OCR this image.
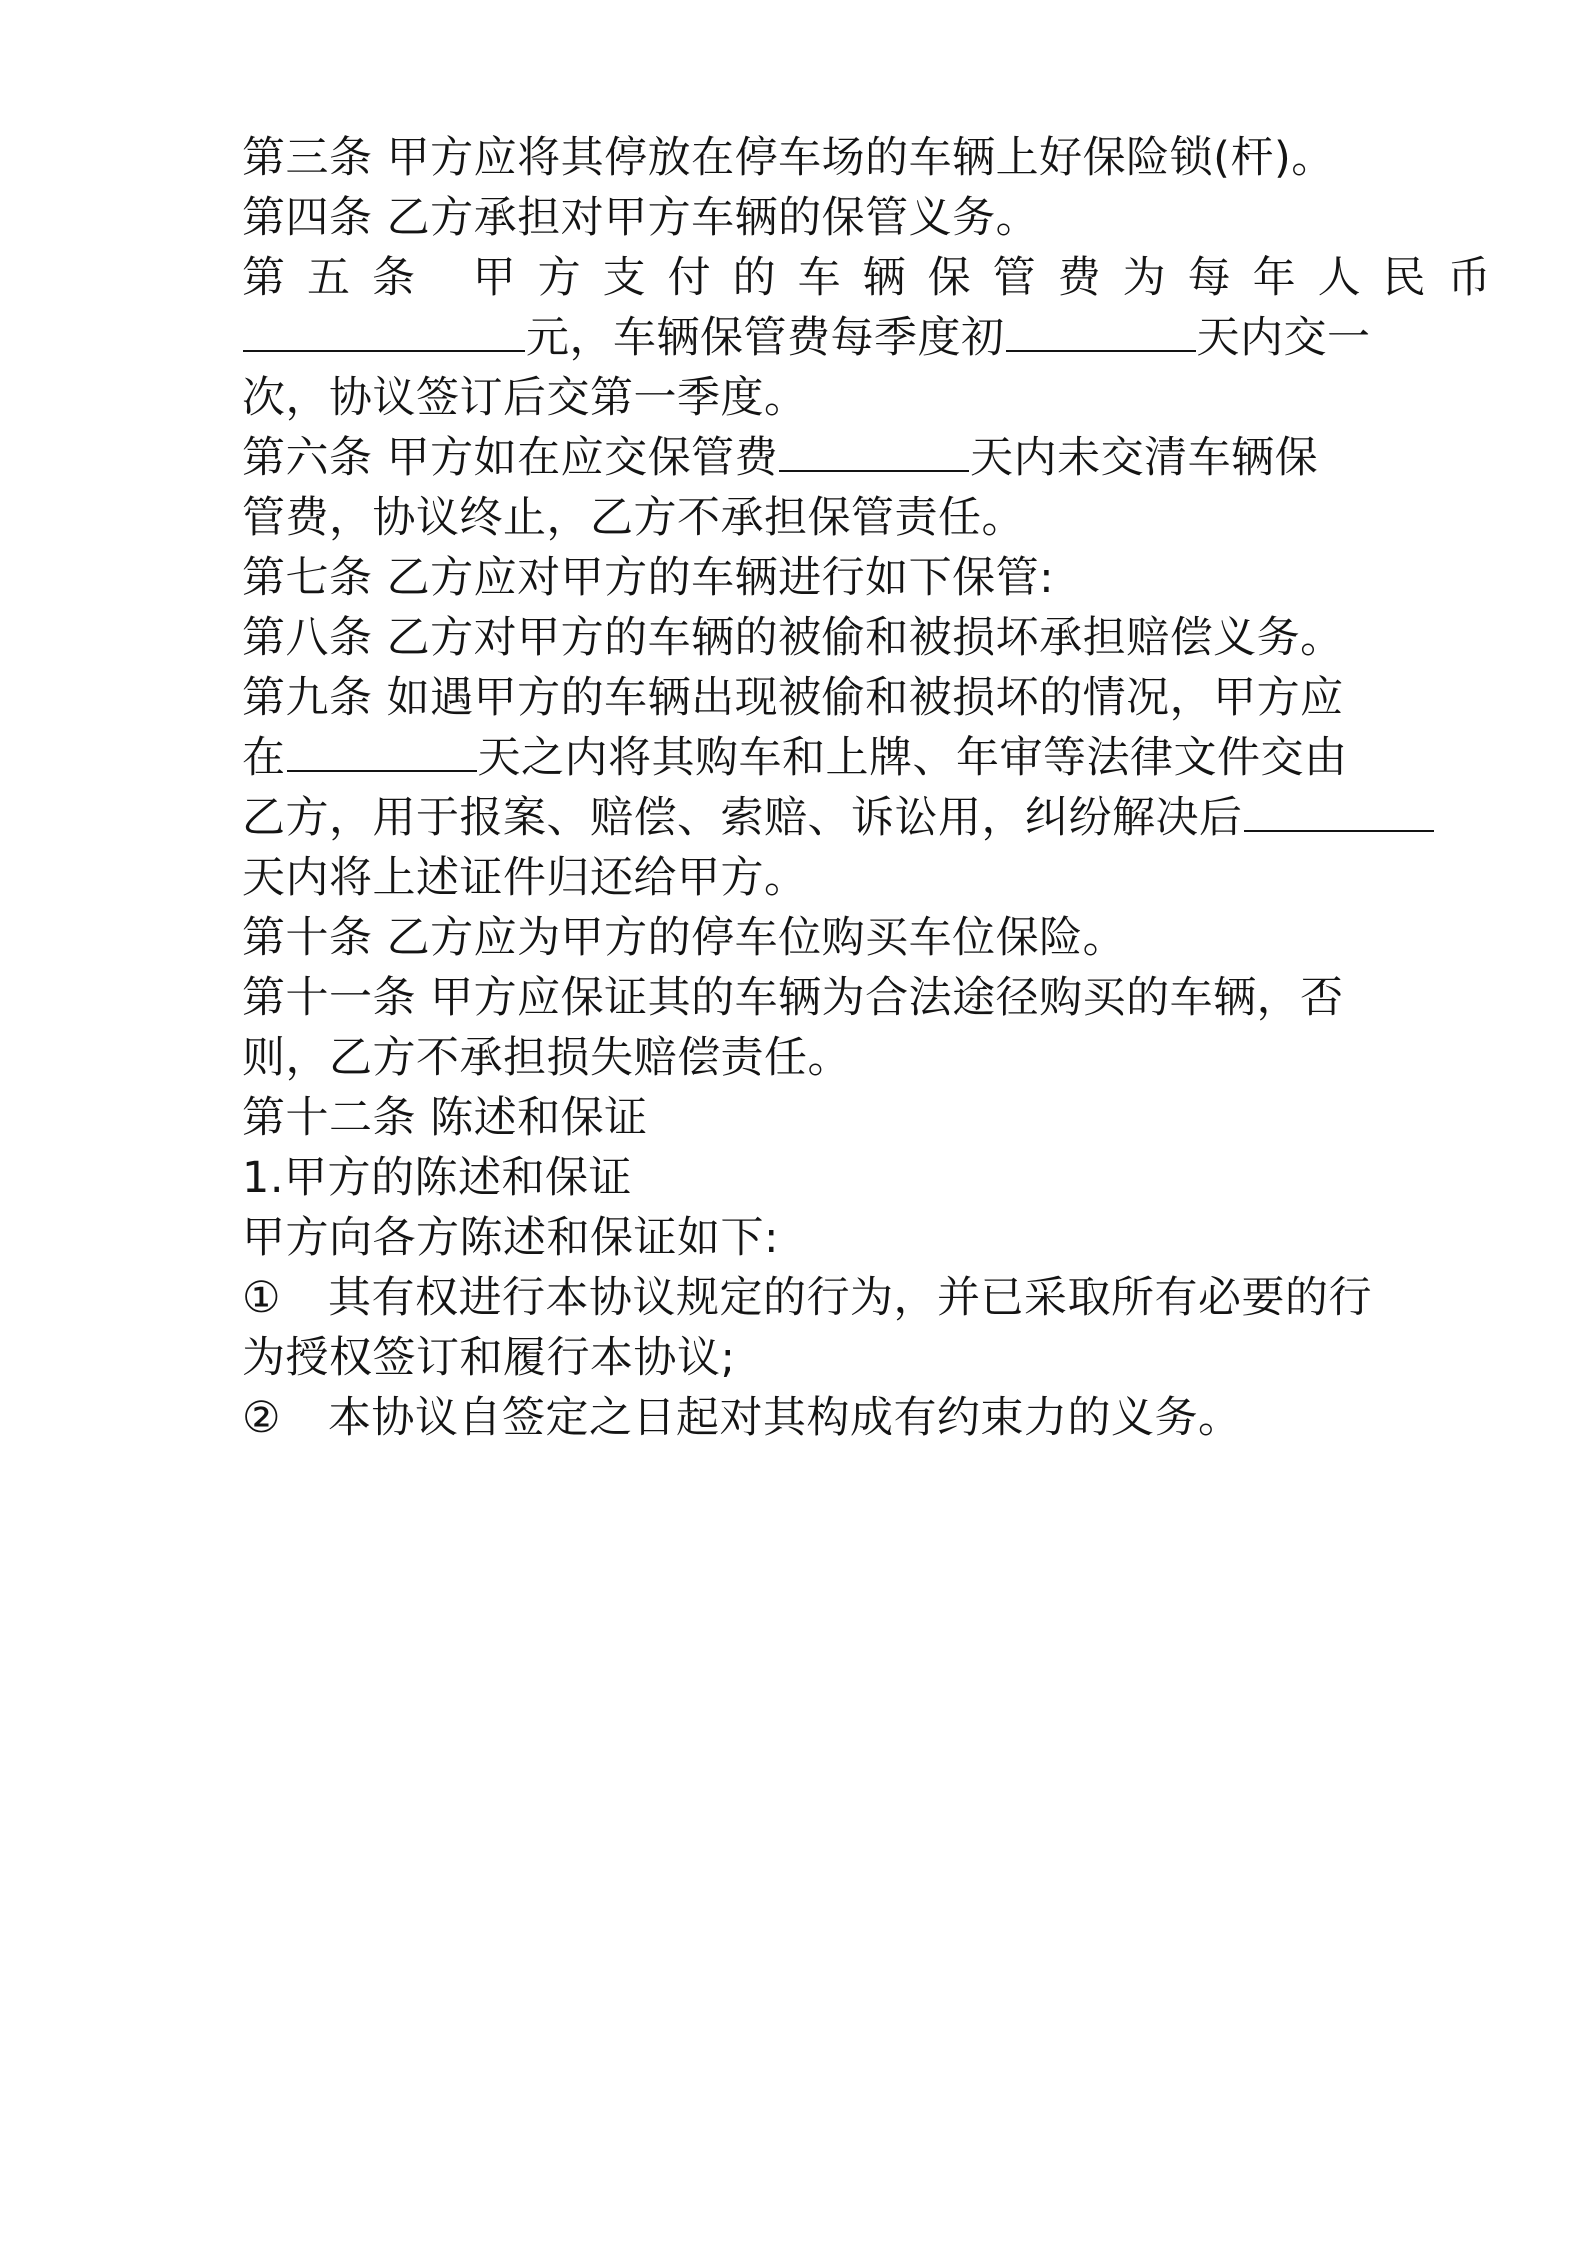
第三条 甲方应将其停放在停车场的车辆上好保险锁(杆)。
第四条 乙方承担对甲方车辆的保管义务。
第五条 甲方支付的车辆保管费为每年人民币
元，车辆保管费每季度初	天内交一
次，协议签订后交第一季度。
第六条 甲方如在应交保管费	天内未交清车辆保
管费，协议终止，乙方不承担保管责任。
第七条 乙方应对甲方的车辆进行如下保管:
第八条 乙方对甲方的车辆的被偷和被损坏承担赔偿义务。
第九条 如遇甲方的车辆出现被偷和被损坏的情况，甲方应
在	天之内将其购车和上牌、年审等法律文件交由
乙方，用于报案、赔偿、索赔、诉讼用，纠纷解决后
天内将上述证件归还给甲方。
第十条 乙方应为甲方的停车位购买车位保险。
第十一条 甲方应保证其的车辆为合法途径购买的车辆，否
则，乙方不承担损失赔偿责任。
第十二条 陈述和保证
1.甲方的陈述和保证
甲方向各方陈述和保证如下:
① 其有权进行本协议规定的行为，并已采取所有必要的行
为授权签订和履行本协议;
② 本协议自签定之日起对其构成有约束力的义务。
